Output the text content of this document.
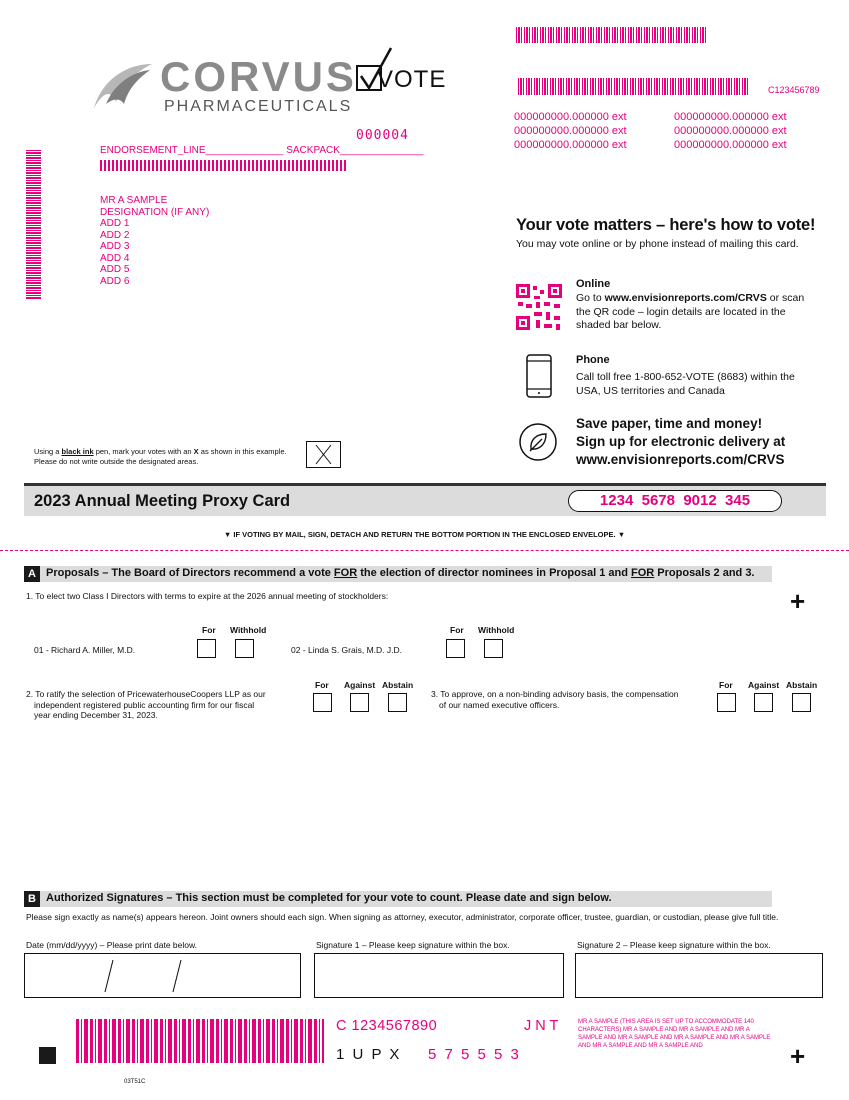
C123456789
000000000.000000 ext	000000000.000000 ext
000000000.000000 ext	000000000.000000 ext
000000000.000000 ext	000000000.000000 ext
CORVUS
PHARMACEUTICALS
VOTE
000004
ENDORSEMENT_LINE______________ SACKPACK_______________
MR A SAMPLE
DESIGNATION (IF ANY)
ADD 1
ADD 2
ADD 3
ADD 4
ADD 5
ADD 6
Your vote matters – here's how to vote!
You may vote online or by phone instead of mailing this card.
Online
Go to www.envisionreports.com/CRVS or scan the QR code – login details are located in the shaded bar below.
Phone
Call toll free 1-800-652-VOTE (8683) within the USA, US territories and Canada
Save paper, time and money!
Sign up for electronic delivery at
www.envisionreports.com/CRVS
Using a black ink pen, mark your votes with an X as shown in this example.
Please do not write outside the designated areas.
2023 Annual Meeting Proxy Card	1234  5678  9012  345
▼ IF VOTING BY MAIL, SIGN, DETACH AND RETURN THE BOTTOM PORTION IN THE ENCLOSED ENVELOPE. ▼
A Proposals – The Board of Directors recommend a vote FOR the election of director nominees in Proposal 1 and FOR Proposals 2 and 3.
+
1. To elect two Class I Directors with terms to expire at the 2026 annual meeting of stockholders:
For Withhold
01 - Richard A. Miller, M.D.
For Withhold
02 - Linda S. Grais, M.D. J.D.
For Against Abstain
2. To ratify the selection of PricewaterhouseCoopers LLP as our
independent registered public accounting firm for our fiscal
year ending December 31, 2023.
For Against Abstain
3. To approve, on a non-binding advisory basis, the compensation
of our named executive officers.
B Authorized Signatures – This section must be completed for your vote to count. Please date and sign below.
Please sign exactly as name(s) appears hereon. Joint owners should each sign. When signing as attorney, executor, administrator, corporate officer, trustee, guardian, or custodian, please give full title.
Date (mm/dd/yyyy) – Please print date below.	Signature 1 – Please keep signature within the box.	Signature 2 – Please keep signature within the box.
C 1234567890	J N T
1 U P X 5 7 5 5 5 3
MR A SAMPLE (THIS AREA IS SET UP TO ACCOMMODATE 140 CHARACTERS) MR A SAMPLE AND MR A SAMPLE AND MR A SAMPLE AND MR A SAMPLE AND MR A SAMPLE AND MR A SAMPLE AND MR A SAMPLE AND MR A SAMPLE AND	+
03T51C
